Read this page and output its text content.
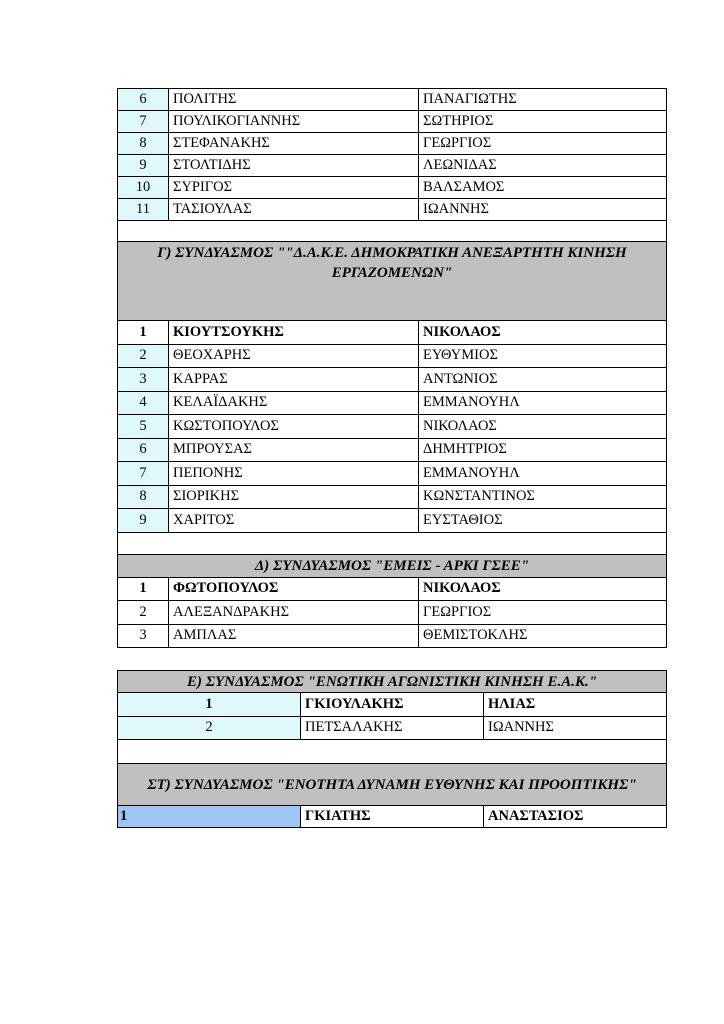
6	ΠΟΛΙΤΗΣ	ΠΑΝΑΓΙΩΤΗΣ
7	ΠΟΥΛΙΚΟΓΙΑΝΝΗΣ	ΣΩΤΗΡΙΟΣ
8	ΣΤΕΦΑΝΑΚΗΣ	ΓΕΩΡΓΙΟΣ
9	ΣΤΟΛΤΙΔΗΣ	ΛΕΩΝΙΔΑΣ
10	ΣΥΡΙΓΟΣ	ΒΑΛΣΑΜΟΣ
11	ΤΑΣΙΟΥΛΑΣ	ΙΩΑΝΝΗΣ

Γ) ΣΥΝΔΥΑΣΜΟΣ ""Δ.Α.Κ.Ε. ΔΗΜΟΚΡΑΤΙΚΗ ΑΝΕΞΑΡΤΗΤΗ ΚΙΝΗΣΗ ΕΡΓΑΖΟΜΕΝΩΝ"		
1	ΚΙΟΥΤΣΟΥΚΗΣ	ΝΙΚΟΛΑΟΣ
2	ΘΕΟΧΑΡΗΣ	ΕΥΘΥΜΙΟΣ
3	ΚΑΡΡΑΣ	ΑΝΤΩΝΙΟΣ
4	ΚΕΛΑΪΔΑΚΗΣ	ΕΜΜΑΝΟΥΗΛ
5	ΚΩΣΤΟΠΟΥΛΟΣ	ΝΙΚΟΛΑΟΣ
6	ΜΠΡΟΥΣΑΣ	ΔΗΜΗΤΡΙΟΣ
7	ΠΕΠΟΝΗΣ	ΕΜΜΑΝΟΥΗΛ
8	ΣΙΟΡΙΚΗΣ	ΚΩΝΣΤΑΝΤΙΝΟΣ
9	ΧΑΡΙΤΟΣ	ΕΥΣΤΑΘΙΟΣ

Δ) ΣΥΝΔΥΑΣΜΟΣ "ΕΜΕΙΣ - ΑΡΚΙ ΓΣΕΕ"		
1	ΦΩΤΟΠΟΥΛΟΣ	ΝΙΚΟΛΑΟΣ
2	ΑΛΕΞΑΝΔΡΑΚΗΣ	ΓΕΩΡΓΙΟΣ
3	ΑΜΠΛΑΣ	ΘΕΜΙΣΤΟΚΛΗΣ
Ε) ΣΥΝΔΥΑΣΜΟΣ "ΕΝΩΤΙΚΗ ΑΓΩΝΙΣΤΙΚΗ ΚΙΝΗΣΗ Ε.Α.Κ."		
1	ΓΚΙΟΥΛΑΚΗΣ	ΗΛΙΑΣ
2	ΠΕΤΣΑΛΑΚΗΣ	ΙΩΑΝΝΗΣ

ΣΤ) ΣΥΝΔΥΑΣΜΟΣ "ΕΝΟΤΗΤΑ ΔΥΝΑΜΗ ΕΥΘΥΝΗΣ ΚΑΙ ΠΡΟΟΠΤΙΚΗΣ"		
1	ΓΚΙΑΤΗΣ	ΑΝΑΣΤΑΣΙΟΣ
